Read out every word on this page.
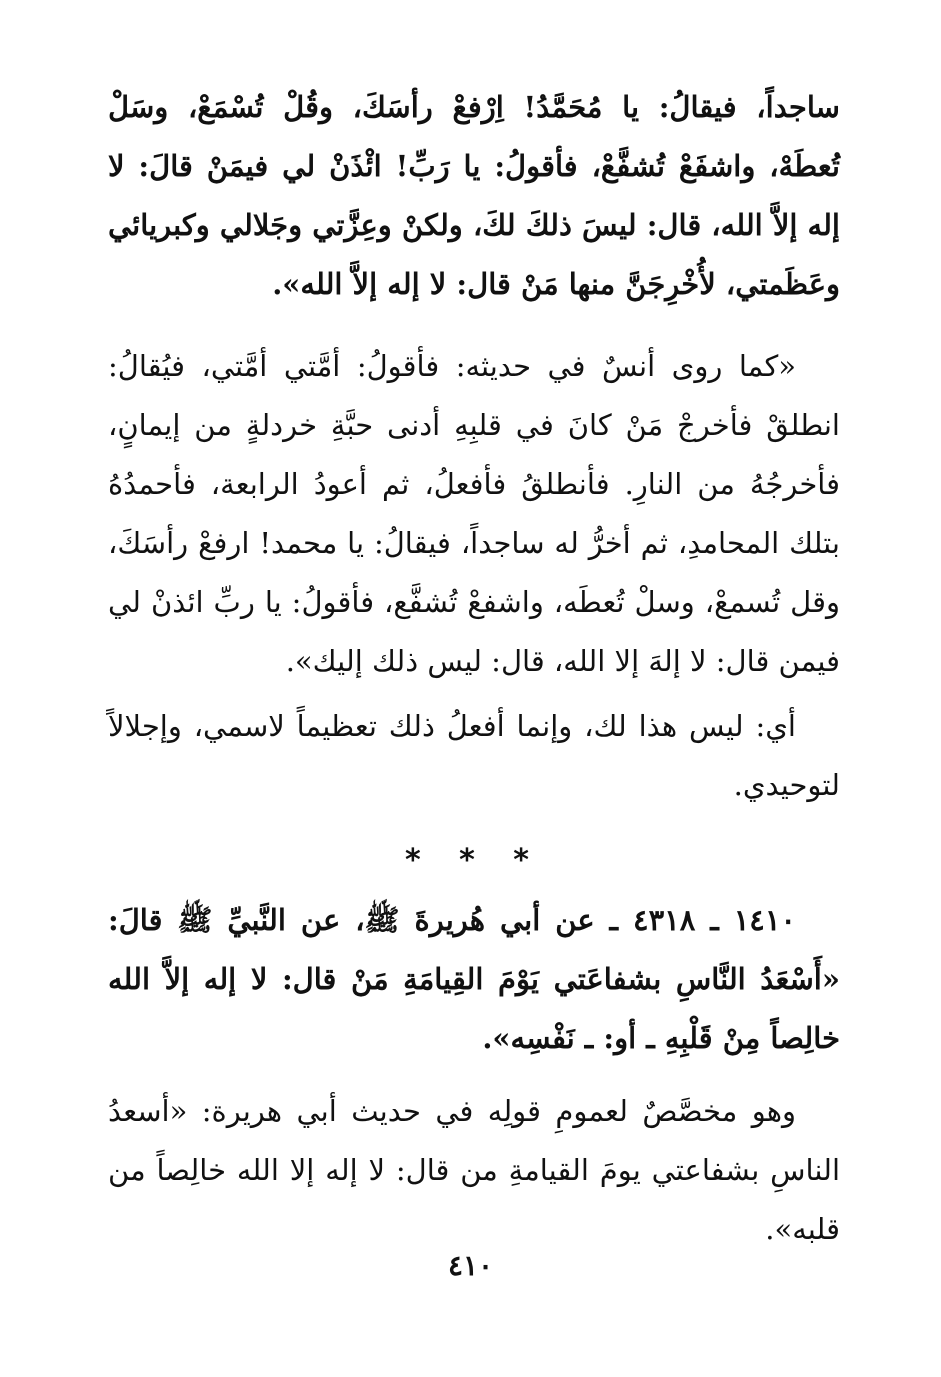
ساجداً، فيقالُ: يا مُحَمَّدُ! اِرْفعْ رأسَكَ، وقُلْ تُسْمَعْ، وسَلْ تُعطَهْ، واشفَعْ تُشفَّعْ، فأقولُ: يا رَبِّ! ائْذَنْ لي فيمَنْ قالَ: لا إله إلاَّ الله، قال: ليسَ ذلكَ لكَ، ولكنْ وعِزَّتي وجَلالي وكبريائي وعَظَمتي، لأُخْرِجَنَّ منها مَنْ قال: لا إله إلاَّ الله».

«كما روى أنسٌ في حديثه: فأقولُ: أمَّتي أمَّتي، فيُقالُ: انطلقْ فأخرجْ مَنْ كانَ في قلبِهِ أدنى حبَّةِ خردلةٍ من إيمانٍ، فأخرجُهُ من النارِ. فأنطلقُ فأفعلُ، ثم أعودُ الرابعة، فأحمدُهُ بتلك المحامدِ، ثم أخرُّ له ساجداً، فيقالُ: يا محمد! ارفعْ رأسَكَ، وقل تُسمعْ، وسلْ تُعطَه، واشفعْ تُشفَّع، فأقولُ: يا ربِّ ائذنْ لي فيمن قال: لا إلهَ إلا الله، قال: ليس ذلك إليك».

أي: ليس هذا لك، وإنما أفعلُ ذلك تعظيماً لاسمي، وإجلالاً لتوحيدي.

* * *

١٤١٠ ـ ٤٣١٨ ـ عن أبي هُريرةَ ﷺ، عن النَّبيِّ ﷺ قالَ: «أَسْعَدُ النَّاسِ بشفاعَتي يَوْمَ القِيامَةِ مَنْ قال: لا إله إلاَّ الله خالِصاً مِنْ قَلْبِهِ ـ أو: ـ نَفْسِه».

وهو مخصَّصٌ لعمومِ قولِه في حديث أبي هريرة: «أسعدُ الناسِ بشفاعتي يومَ القيامةِ من قال: لا إله إلا الله خالِصاً من قلبه».

٤١٠
